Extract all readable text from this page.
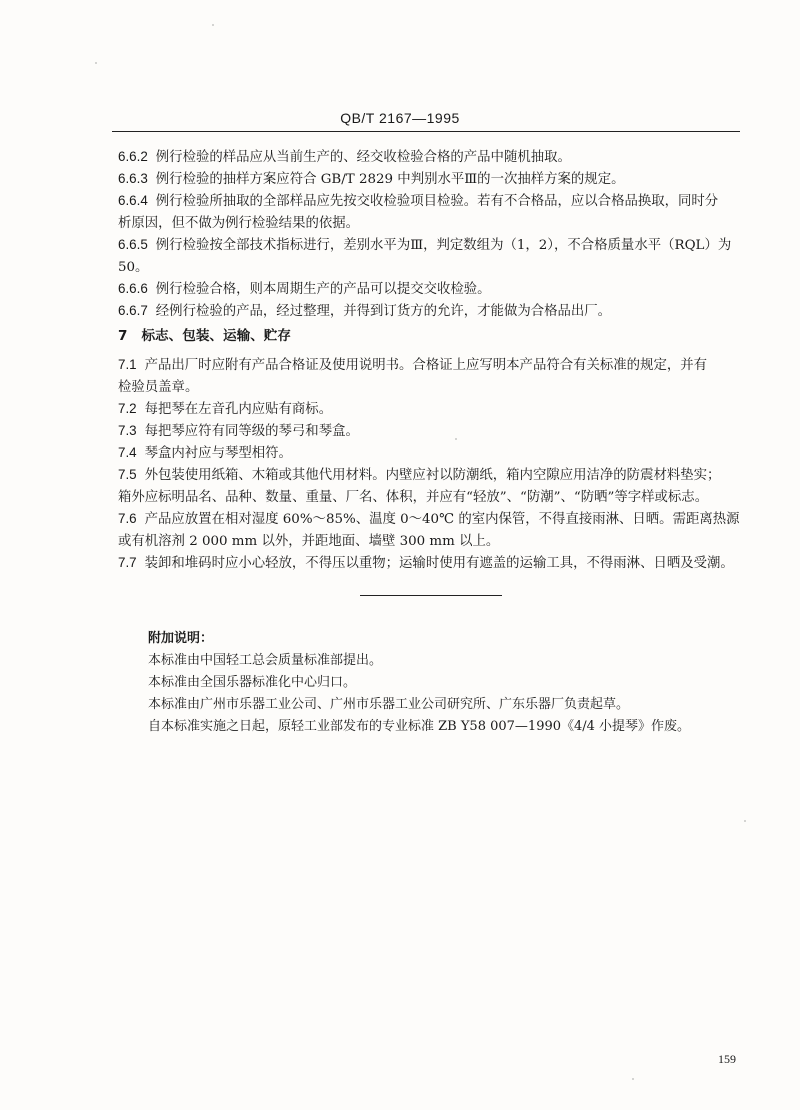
QB/T 2167—1995
6.6.2 例行检验的样品应从当前生产的、经交收检验合格的产品中随机抽取。
6.6.3 例行检验的抽样方案应符合 GB/T 2829 中判别水平Ⅲ的一次抽样方案的规定。
6.6.4 例行检验所抽取的全部样品应先按交收检验项目检验。若有不合格品，应以合格品换取，同时分
析原因，但不做为例行检验结果的依据。
6.6.5 例行检验按全部技术指标进行，差别水平为Ⅲ，判定数组为（1，2），不合格质量水平（RQL）为
50。
6.6.6 例行检验合格，则本周期生产的产品可以提交交收检验。
6.6.7 经例行检验的产品，经过整理，并得到订货方的允许，才能做为合格品出厂。
7 标志、包装、运输、贮存
7.1 产品出厂时应附有产品合格证及使用说明书。合格证上应写明本产品符合有关标准的规定，并有
检验员盖章。
7.2 每把琴在左音孔内应贴有商标。
7.3 每把琴应符有同等级的琴弓和琴盒。
7.4 琴盒内衬应与琴型相符。
7.5 外包装使用纸箱、木箱或其他代用材料。内壁应衬以防潮纸，箱内空隙应用洁净的防震材料垫实；
箱外应标明品名、品种、数量、重量、厂名、体积，并应有“轻放”、“防潮”、“防晒”等字样或标志。
7.6 产品应放置在相对湿度 60%～85%、温度 0～40℃ 的室内保管，不得直接雨淋、日晒。需距离热源
或有机溶剂 2 000 mm 以外，并距地面、墙壁 300 mm 以上。
7.7 装卸和堆码时应小心轻放，不得压以重物；运输时使用有遮盖的运输工具，不得雨淋、日晒及受潮。
附加说明：
本标准由中国轻工总会质量标准部提出。
本标准由全国乐器标准化中心归口。
本标准由广州市乐器工业公司、广州市乐器工业公司研究所、广东乐器厂负责起草。
自本标准实施之日起，原轻工业部发布的专业标准 ZB Y58 007—1990《4/4 小提琴》作废。
159
